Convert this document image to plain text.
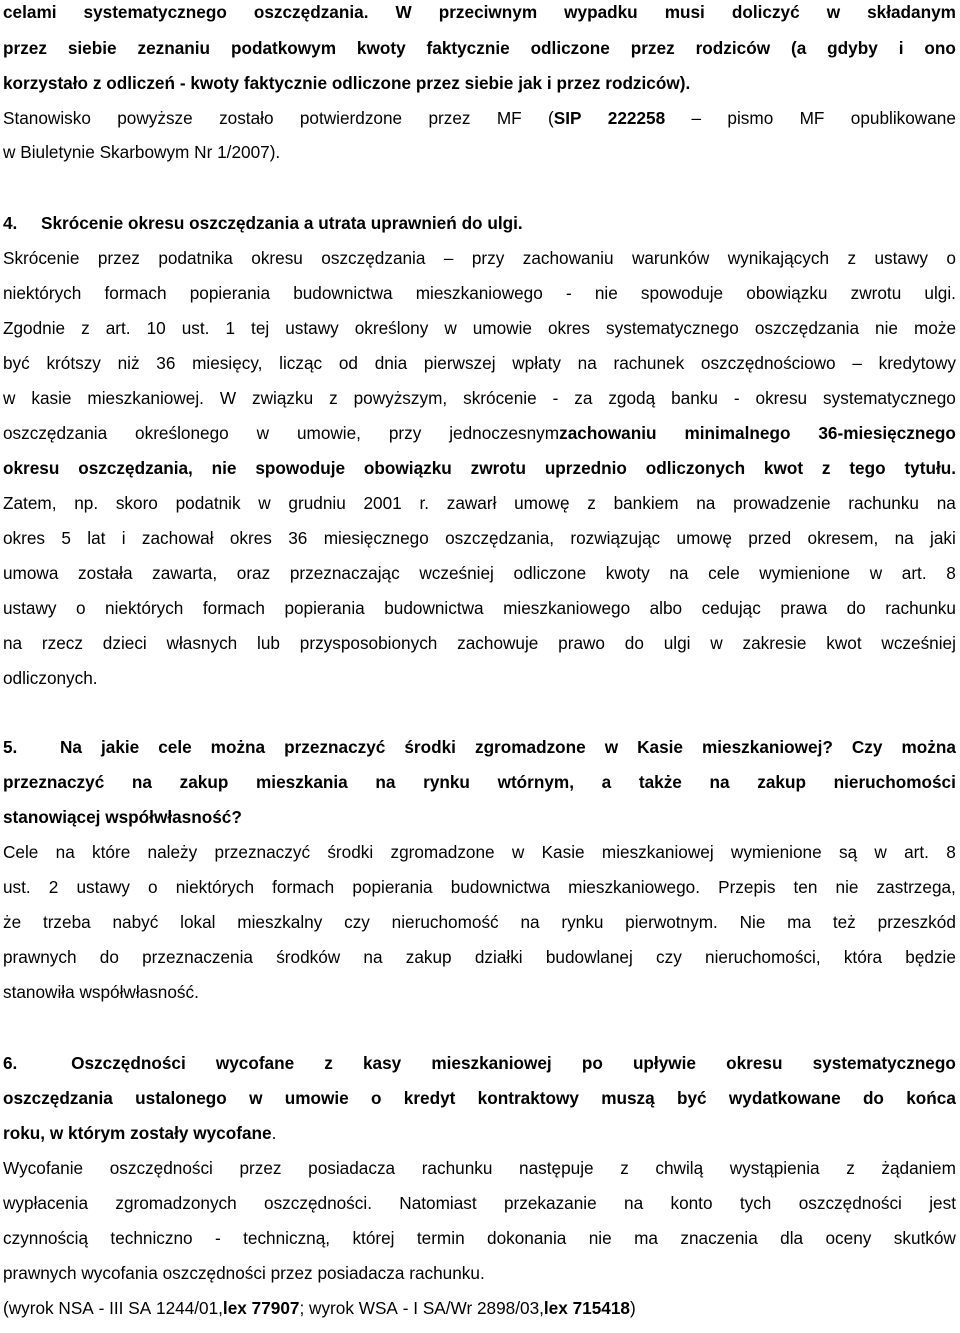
celami systematycznego oszczędzania. W przeciwnym wypadku musi doliczyć w składanym
przez siebie zeznaniu podatkowym kwoty faktycznie odliczone przez rodziców (a gdyby i ono
korzystało z odliczeń - kwoty faktycznie odliczone przez siebie jak i przez rodziców).
Stanowisko powyższe zostało potwierdzone przez MF (SIP 222258 – pismo MF opublikowane
w Biuletynie Skarbowym Nr 1/2007).
4.	Skrócenie okresu oszczędzania a utrata uprawnień do ulgi.
Skrócenie przez podatnika okresu oszczędzania – przy zachowaniu warunków wynikających z ustawy o
niektórych formach popierania budownictwa mieszkaniowego - nie spowoduje obowiązku zwrotu ulgi.
Zgodnie z art. 10 ust. 1 tej ustawy określony w umowie okres systematycznego oszczędzania nie może
być krótszy niż 36 miesięcy, licząc od dnia pierwszej wpłaty na rachunek oszczędnościowo – kredytowy
w kasie mieszkaniowej. W związku z powyższym, skrócenie - za zgodą banku - okresu systematycznego
oszczędzania określonego w umowie, przy jednoczesnymzachowaniu minimalnego 36-miesięcznego
okresu oszczędzania, nie spowoduje obowiązku zwrotu uprzednio odliczonych kwot z tego tytułu.
Zatem, np. skoro podatnik w grudniu 2001 r. zawarł umowę z bankiem na prowadzenie rachunku na
okres 5 lat i zachował okres 36 miesięcznego oszczędzania, rozwiązując umowę przed okresem, na jaki
umowa została zawarta, oraz przeznaczając wcześniej odliczone kwoty na cele wymienione w art. 8
ustawy o niektórych formach popierania budownictwa mieszkaniowego albo cedując prawa do rachunku
na rzecz dzieci własnych lub przysposobionych zachowuje prawo do ulgi w zakresie kwot wcześniej
odliczonych.
5.	Na jakie cele można przeznaczyć środki zgromadzone w Kasie mieszkaniowej? Czy można
przeznaczyć na zakup mieszkania na rynku wtórnym, a także na zakup nieruchomości
stanowiącej współwłasność?
Cele na które należy przeznaczyć środki zgromadzone w Kasie mieszkaniowej wymienione są w art. 8
ust. 2 ustawy o niektórych formach popierania budownictwa mieszkaniowego. Przepis ten nie zastrzega,
że trzeba nabyć lokal mieszkalny czy nieruchomość na rynku pierwotnym. Nie ma też przeszkód
prawnych do przeznaczenia środków na zakup działki budowlanej czy nieruchomości, która będzie
stanowiła współwłasność.
6.	Oszczędności wycofane z kasy mieszkaniowej po upływie okresu systematycznego
oszczędzania ustalonego w umowie o kredyt kontraktowy muszą być wydatkowane do końca
roku, w którym zostały wycofane.
Wycofanie oszczędności przez posiadacza rachunku następuje z chwilą wystąpienia z żądaniem
wypłacenia zgromadzonych oszczędności. Natomiast przekazanie na konto tych oszczędności jest
czynnością techniczno - techniczną, której termin dokonania nie ma znaczenia dla oceny skutków
prawnych wycofania oszczędności przez posiadacza rachunku.
(wyrok NSA - III SA 1244/01,lex 77907; wyrok WSA - I SA/Wr 2898/03,lex 715418)
